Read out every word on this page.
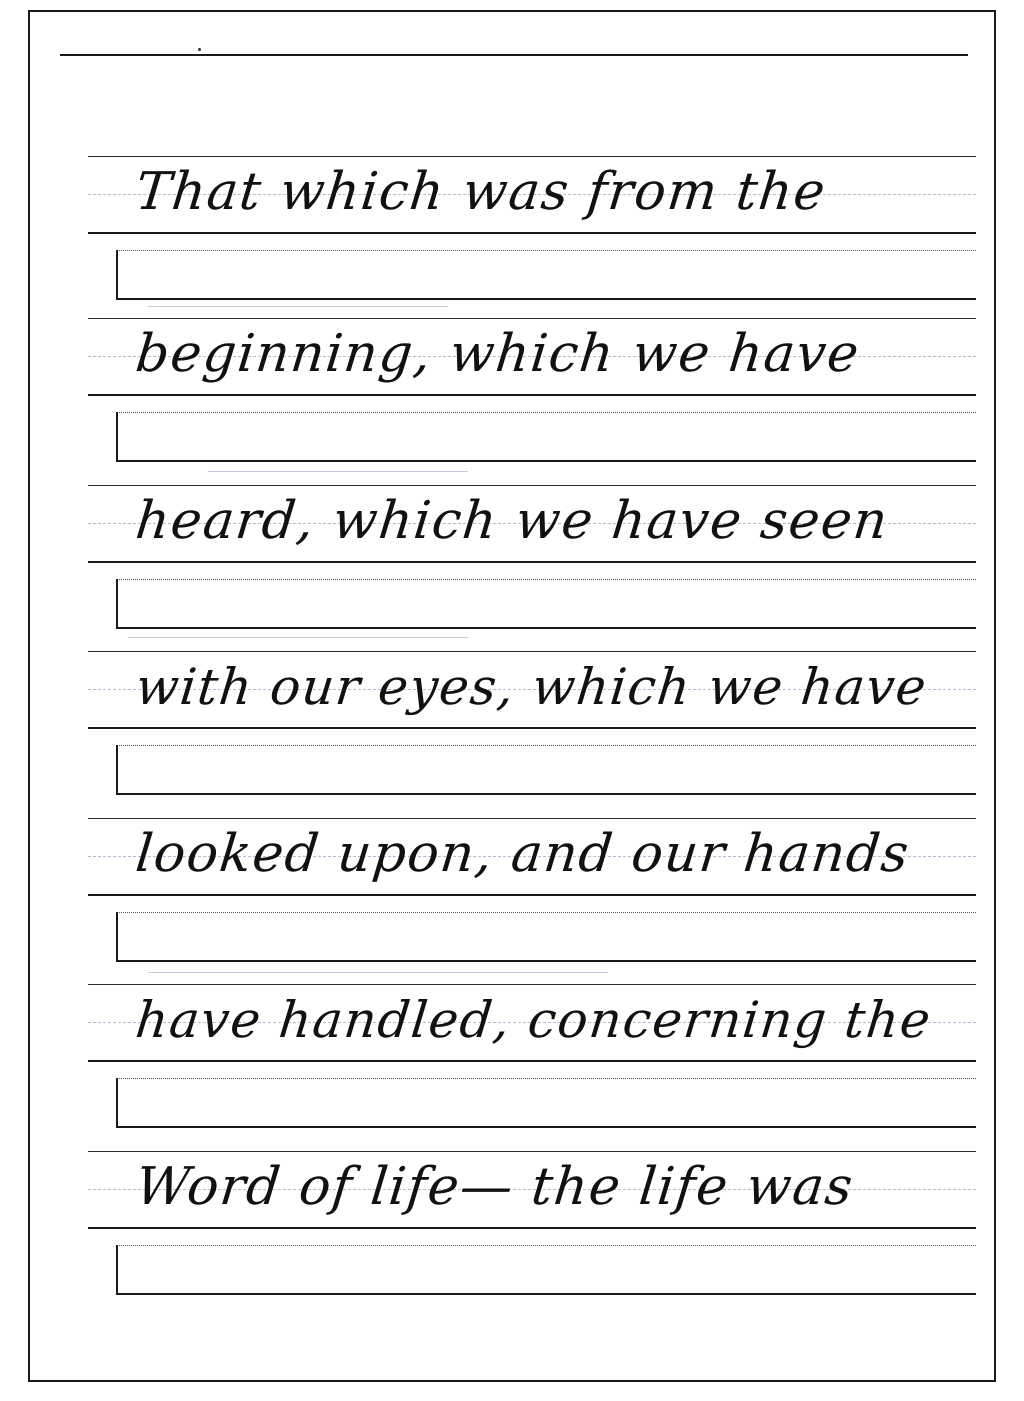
That which was from the
beginning, which we have
heard, which we have seen
with our eyes, which we have
looked upon, and our hands
have handled, concerning the
Word of life— the life was
